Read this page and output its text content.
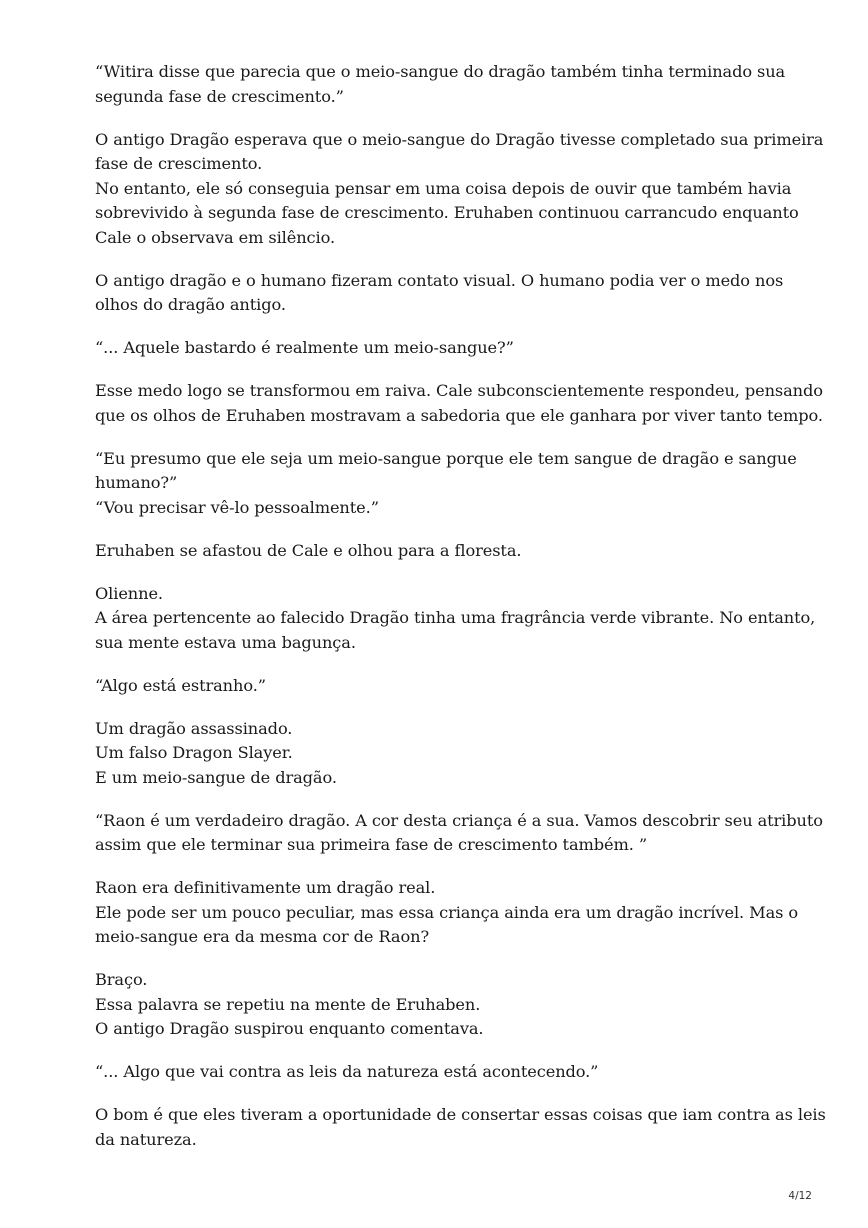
“Witira disse que parecia que o meio-sangue do dragão também tinha terminado sua
segunda fase de crescimento.”

O antigo Dragão esperava que o meio-sangue do Dragão tivesse completado sua primeira
fase de crescimento.
No entanto, ele só conseguia pensar em uma coisa depois de ouvir que também havia
sobrevivido à segunda fase de crescimento. Eruhaben continuou carrancudo enquanto
Cale o observava em silêncio.

O antigo dragão e o humano fizeram contato visual. O humano podia ver o medo nos
olhos do dragão antigo.

“... Aquele bastardo é realmente um meio-sangue?”

Esse medo logo se transformou em raiva. Cale subconscientemente respondeu, pensando
que os olhos de Eruhaben mostravam a sabedoria que ele ganhara por viver tanto tempo.

“Eu presumo que ele seja um meio-sangue porque ele tem sangue de dragão e sangue
humano?”
“Vou precisar vê-lo pessoalmente.”

Eruhaben se afastou de Cale e olhou para a floresta.

Olienne.
A área pertencente ao falecido Dragão tinha uma fragrância verde vibrante. No entanto,
sua mente estava uma bagunça.

“Algo está estranho.”

Um dragão assassinado.
Um falso Dragon Slayer.
E um meio-sangue de dragão.

“Raon é um verdadeiro dragão. A cor desta criança é a sua. Vamos descobrir seu atributo
assim que ele terminar sua primeira fase de crescimento também. ”

Raon era definitivamente um dragão real.
Ele pode ser um pouco peculiar, mas essa criança ainda era um dragão incrível. Mas o
meio-sangue era da mesma cor de Raon?

Braço.
Essa palavra se repetiu na mente de Eruhaben.
O antigo Dragão suspirou enquanto comentava.

“... Algo que vai contra as leis da natureza está acontecendo.”

O bom é que eles tiveram a oportunidade de consertar essas coisas que iam contra as leis
da natureza.

4/12
